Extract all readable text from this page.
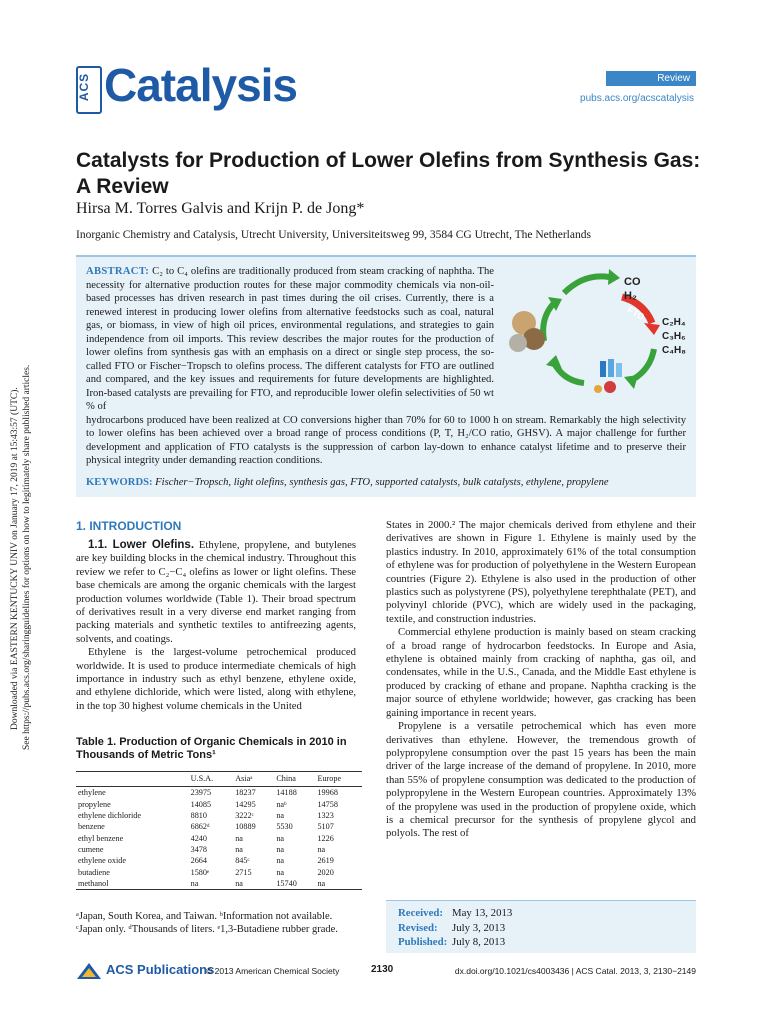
Downloaded via EASTERN KENTUCKY UNIV on January 17, 2019 at 15:43:57 (UTC). See https://pubs.acs.org/sharingguidelines for options on how to legitimately share published articles.
ACS Catalysis	Review
pubs.acs.org/acscatalysis
Catalysts for Production of Lower Olefins from Synthesis Gas: A Review
Hirsa M. Torres Galvis and Krijn P. de Jong*
Inorganic Chemistry and Catalysis, Utrecht University, Universiteitsweg 99, 3584 CG Utrecht, The Netherlands
ABSTRACT: C₂ to C₄ olefins are traditionally produced from steam cracking of naphtha. The necessity for alternative production routes for these major commodity chemicals via non-oil-based processes has driven research in past times during the oil crises. Currently, there is a renewed interest in producing lower olefins from alternative feedstocks such as coal, natural gas, or biomass, in view of high oil prices, environmental regulations, and strategies to gain independence from oil imports. This review describes the major routes for the production of lower olefins from synthesis gas with an emphasis on a direct or single step process, the so-called FTO or Fischer−Tropsch to olefins process. The different catalysts for FTO are outlined and compared, and the key issues and requirements for future developments are highlighted. Iron-based catalysts are prevailing for FTO, and reproducible lower olefin selectivities of 50 wt % of
hydrocarbons produced have been realized at CO conversions higher than 70% for 60 to 1000 h on stream. Remarkably the high selectivity to lower olefins has been achieved over a broad range of process conditions (P, T, H₂/CO ratio, GHSV). A major challenge for further development and application of FTO catalysts is the suppression of carbon lay-down to enhance catalyst lifetime and to preserve their physical integrity under demanding reaction conditions.
CO
H₂
FTO
C₂H₄
C₃H₆
C₄H₈
KEYWORDS: Fischer−Tropsch, light olefins, synthesis gas, FTO, supported catalysts, bulk catalysts, ethylene, propylene
1. INTRODUCTION

1.1. Lower Olefins. Ethylene, propylene, and butylenes are key building blocks in the chemical industry. Throughout this review we refer to C₂−C₄ olefins as lower or light olefins. These base chemicals are among the organic chemicals with the largest production volumes worldwide (Table 1). Their broad spectrum of derivatives result in a very diverse end market ranging from packing materials and synthetic textiles to antifreezing agents, solvents, and coatings.

Ethylene is the largest-volume petrochemical produced worldwide. It is used to produce intermediate chemicals of high importance in industry such as ethyl benzene, ethylene oxide, and ethylene dichloride, which were listed, along with ethylene, in the top 30 highest volume chemicals in the United

Table 1. Production of Organic Chemicals in 2010 in Thousands of Metric Tons¹
	U.S.A.	Asiaᵃ	China	Europe
ethylene	23975	18237	14188	19968
propylene	14085	14295	naᵇ	14758
ethylene dichloride	8810	3222ᶜ	na	1323
benzene	6862ᵈ	10889	5530	5107
ethyl benzene	4240	na	na	1226
cumene	3478	na	na	na
ethylene oxide	2664	845ᶜ	na	2619
butadiene	1580ᵉ	2715	na	2020
methanol	na	na	15740	na
ᵃJapan, South Korea, and Taiwan. ᵇInformation not available. ᶜJapan only. ᵈThousands of liters. ᵉ1,3-Butadiene rubber grade.

States in 2000.² The major chemicals derived from ethylene and their derivatives are shown in Figure 1. Ethylene is mainly used by the plastics industry. In 2010, approximately 61% of the total consumption of ethylene was for production of polyethylene in the Western European countries (Figure 2). Ethylene is also used in the production of other plastics such as polystyrene (PS), polyethylene terephthalate (PET), and polyvinyl chloride (PVC), which are widely used in the packaging, textile, and construction industries.

Commercial ethylene production is mainly based on steam cracking of a broad range of hydrocarbon feedstocks. In Europe and Asia, ethylene is obtained mainly from cracking of naphtha, gas oil, and condensates, while in the U.S., Canada, and the Middle East ethylene is produced by cracking of ethane and propane. Naphtha cracking is the major source of ethylene worldwide; however, gas cracking has been gaining importance in recent years.

Propylene is a versatile petrochemical which has even more derivatives than ethylene. However, the tremendous growth of polypropylene consumption over the past 15 years has been the main driver of the large increase of the demand of propylene. In 2010, more than 55% of propylene consumption was dedicated to the production of polypropylene in the Western European countries. Approximately 13% of the propylene was used in the production of propylene oxide, which is a chemical precursor for the synthesis of propylene glycol and polyols. The rest of

Received: May 13, 2013
Revised: July 3, 2013
Published: July 8, 2013
ACS Publications
© 2013 American Chemical Society	2130	dx.doi.org/10.1021/cs4003436 | ACS Catal. 2013, 3, 2130−2149
